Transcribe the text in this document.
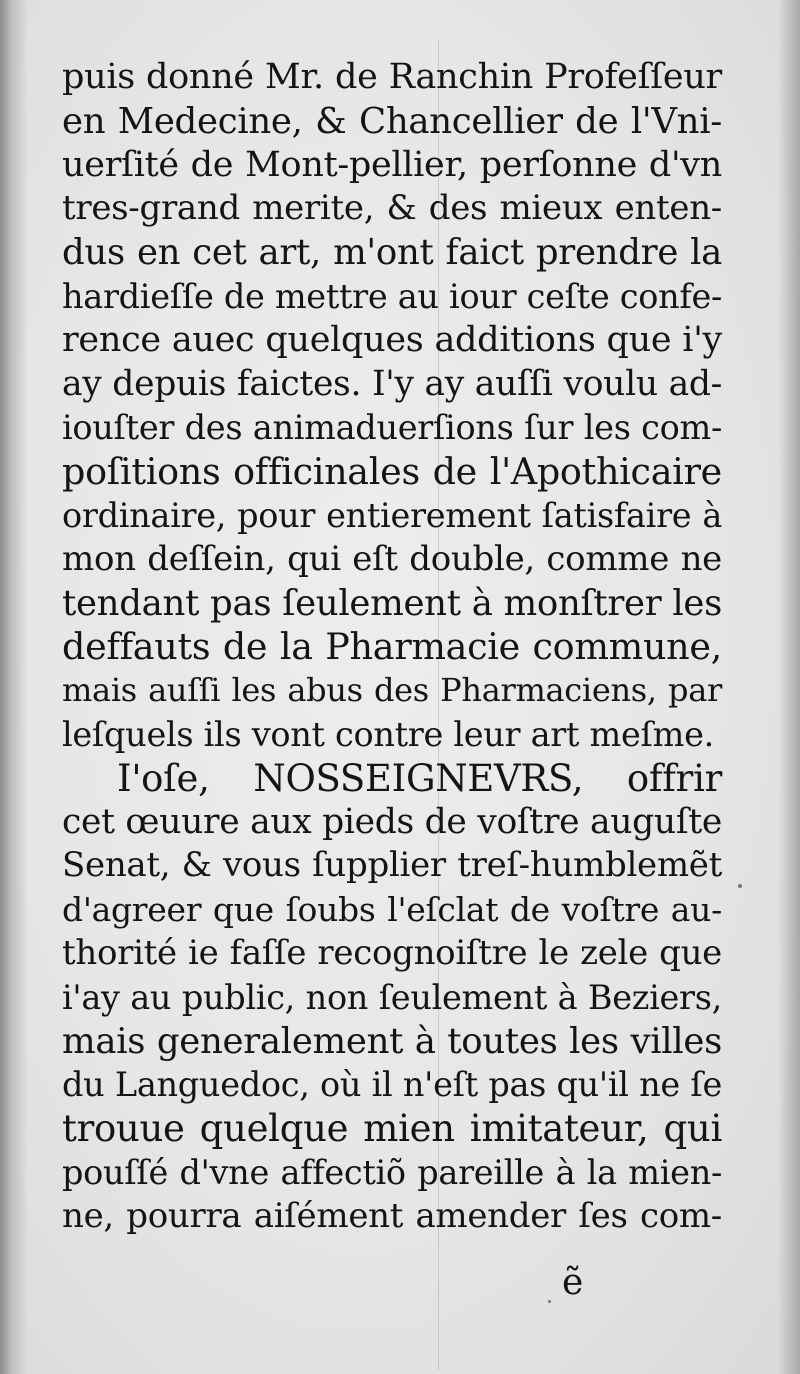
puis donné Mr. de Ranchin Profeſſeur
en Medecine, & Chancellier de l'Vni-
uerſité de Mont-pellier, perſonne d'vn
tres-grand merite, & des mieux enten-
dus en cet art, m'ont faict prendre la
hardieſſe de mettre au iour ceſte confe-
rence auec quelques additions que i'y
ay depuis faictes. I'y ay auſſi voulu ad-
iouſter des animaduerſions ſur les com-
poſitions officinales de l'Apothicaire
ordinaire, pour entierement ſatisfaire à
mon deſſein, qui eſt double, comme ne
tendant pas ſeulement à monſtrer les
deffauts de la Pharmacie commune,
mais auſſi les abus des Pharmaciens, par
leſquels ils vont contre leur art meſme.
I'oſe, NOSSEIGNEVRS, offrir
cet œuure aux pieds de voſtre auguſte
Senat, & vous ſupplier treſ-humblemẽt
d'agreer que ſoubs l'eſclat de voſtre au-
thorité ie faſſe recognoiſtre le zele que
i'ay au public, non ſeulement à Beziers,
mais generalement à toutes les villes
du Languedoc, où il n'eſt pas qu'il ne ſe
trouue quelque mien imitateur, qui
pouſſé d'vne affectiõ pareille à la mien-
ne, pourra aiſément amender ſes com-
ẽ
